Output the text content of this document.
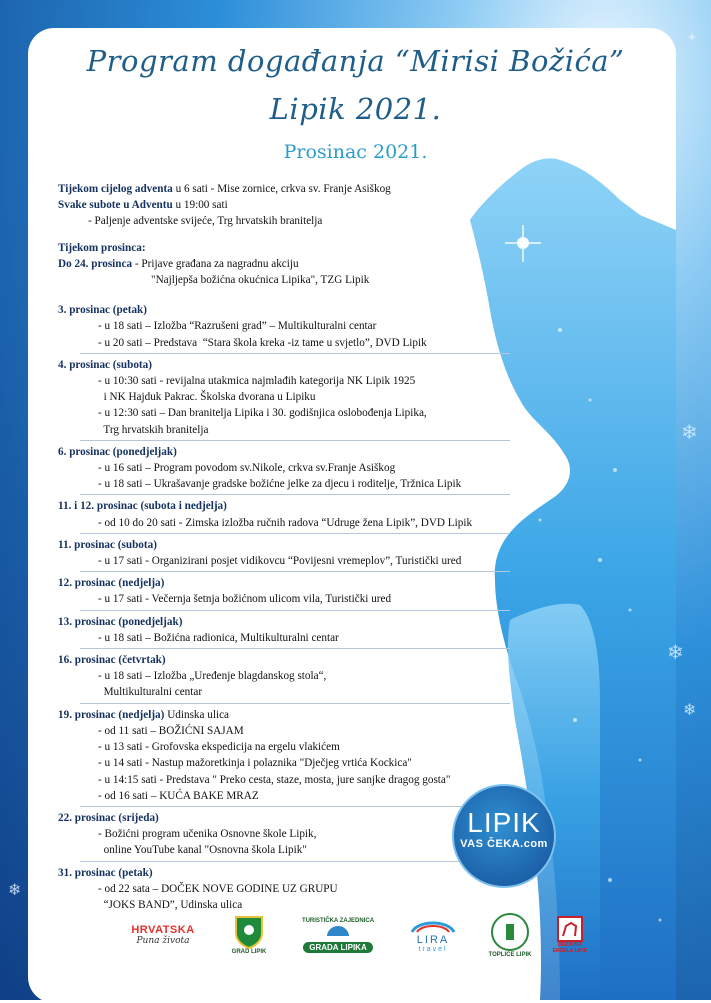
❄
❄
❄
❄
✦
Program događanja “Mirisi Božića”
Lipik 2021.
Prosinac 2021.
Tijekom cijelog adventa u 6 sati - Mise zornice, crkva sv. Franje Asiškog
Svake subote u Adventu u 19:00 sati
- Paljenje adventske svijeće, Trg hrvatskih branitelja
Tijekom prosinca:
Do 24. prosinca - Prijave građana za nagradnu akciju
"Najljepša božićna okućnica Lipika", TZG Lipik
3. prosinac (petak)
- u 18 sati – Izložba “Razrušeni grad” – Multikulturalni centar
- u 20 sati – Predstava  “Stara škola kreka -iz tame u svjetlo”, DVD Lipik
4. prosinac (subota)
- u 10:30 sati - revijalna utakmica najmlađih kategorija NK Lipik 1925
i NK Hajduk Pakrac. Školska dvorana u Lipiku
- u 12:30 sati – Dan branitelja Lipika i 30. godišnjica oslobođenja Lipika,
Trg hrvatskih branitelja
6. prosinac (ponedjeljak)
- u 16 sati – Program povodom sv.Nikole, crkva sv.Franje Asiškog
- u 18 sati – Ukrašavanje gradske božićne jelke za djecu i roditelje, Tržnica Lipik
11. i 12. prosinac (subota i nedjelja)
- od 10 do 20 sati - Zimska izložba ručnih radova “Udruge žena Lipik”, DVD Lipik
11. prosinac (subota)
- u 17 sati - Organizirani posjet vidikovcu “Povijesni vremeplov”, Turistički ured
12. prosinac (nedjelja)
- u 17 sati - Večernja šetnja božićnom ulicom vila, Turistički ured
13. prosinac (ponedjeljak)
- u 18 sati – Božićna radionica, Multikulturalni centar
16. prosinac (četvrtak)
- u 18 sati – Izložba „Uređenje blagdanskog stola“,
Multikulturalni centar
19. prosinac (nedjelja) Udinska ulica
- od 11 sati – BOŽIĆNI SAJAM
- u 13 sati - Grofovska ekspedicija na ergelu vlakićem
- u 14 sati - Nastup mažoretkinja i polaznika "Dječjeg vrtića Kockica"
- u 14:15 sati - Predstava " Preko cesta, staze, mosta, jure sanjke dragog gosta"
- od 16 sati – KUĆA BAKE MRAZ
22. prosinac (srijeda)
- Božićni program učenika Osnovne škole Lipik,
online YouTube kanal "Osnovna škola Lipik"
31. prosinac (petak)
- od 22 sata – DOČEK NOVE GODINE UZ GRUPU
“JOKS BAND”, Udinska ulica
LIPIK
VAS ČEKA.com
HRVATSKA
Puna života
GRAD LIPIK
TURISTIČKA ZAJEDNICA
GRADA LIPIKA
LIRA
travel
TOPLICE LIPIK
DRŽAVNA ERGELA LIPIK
